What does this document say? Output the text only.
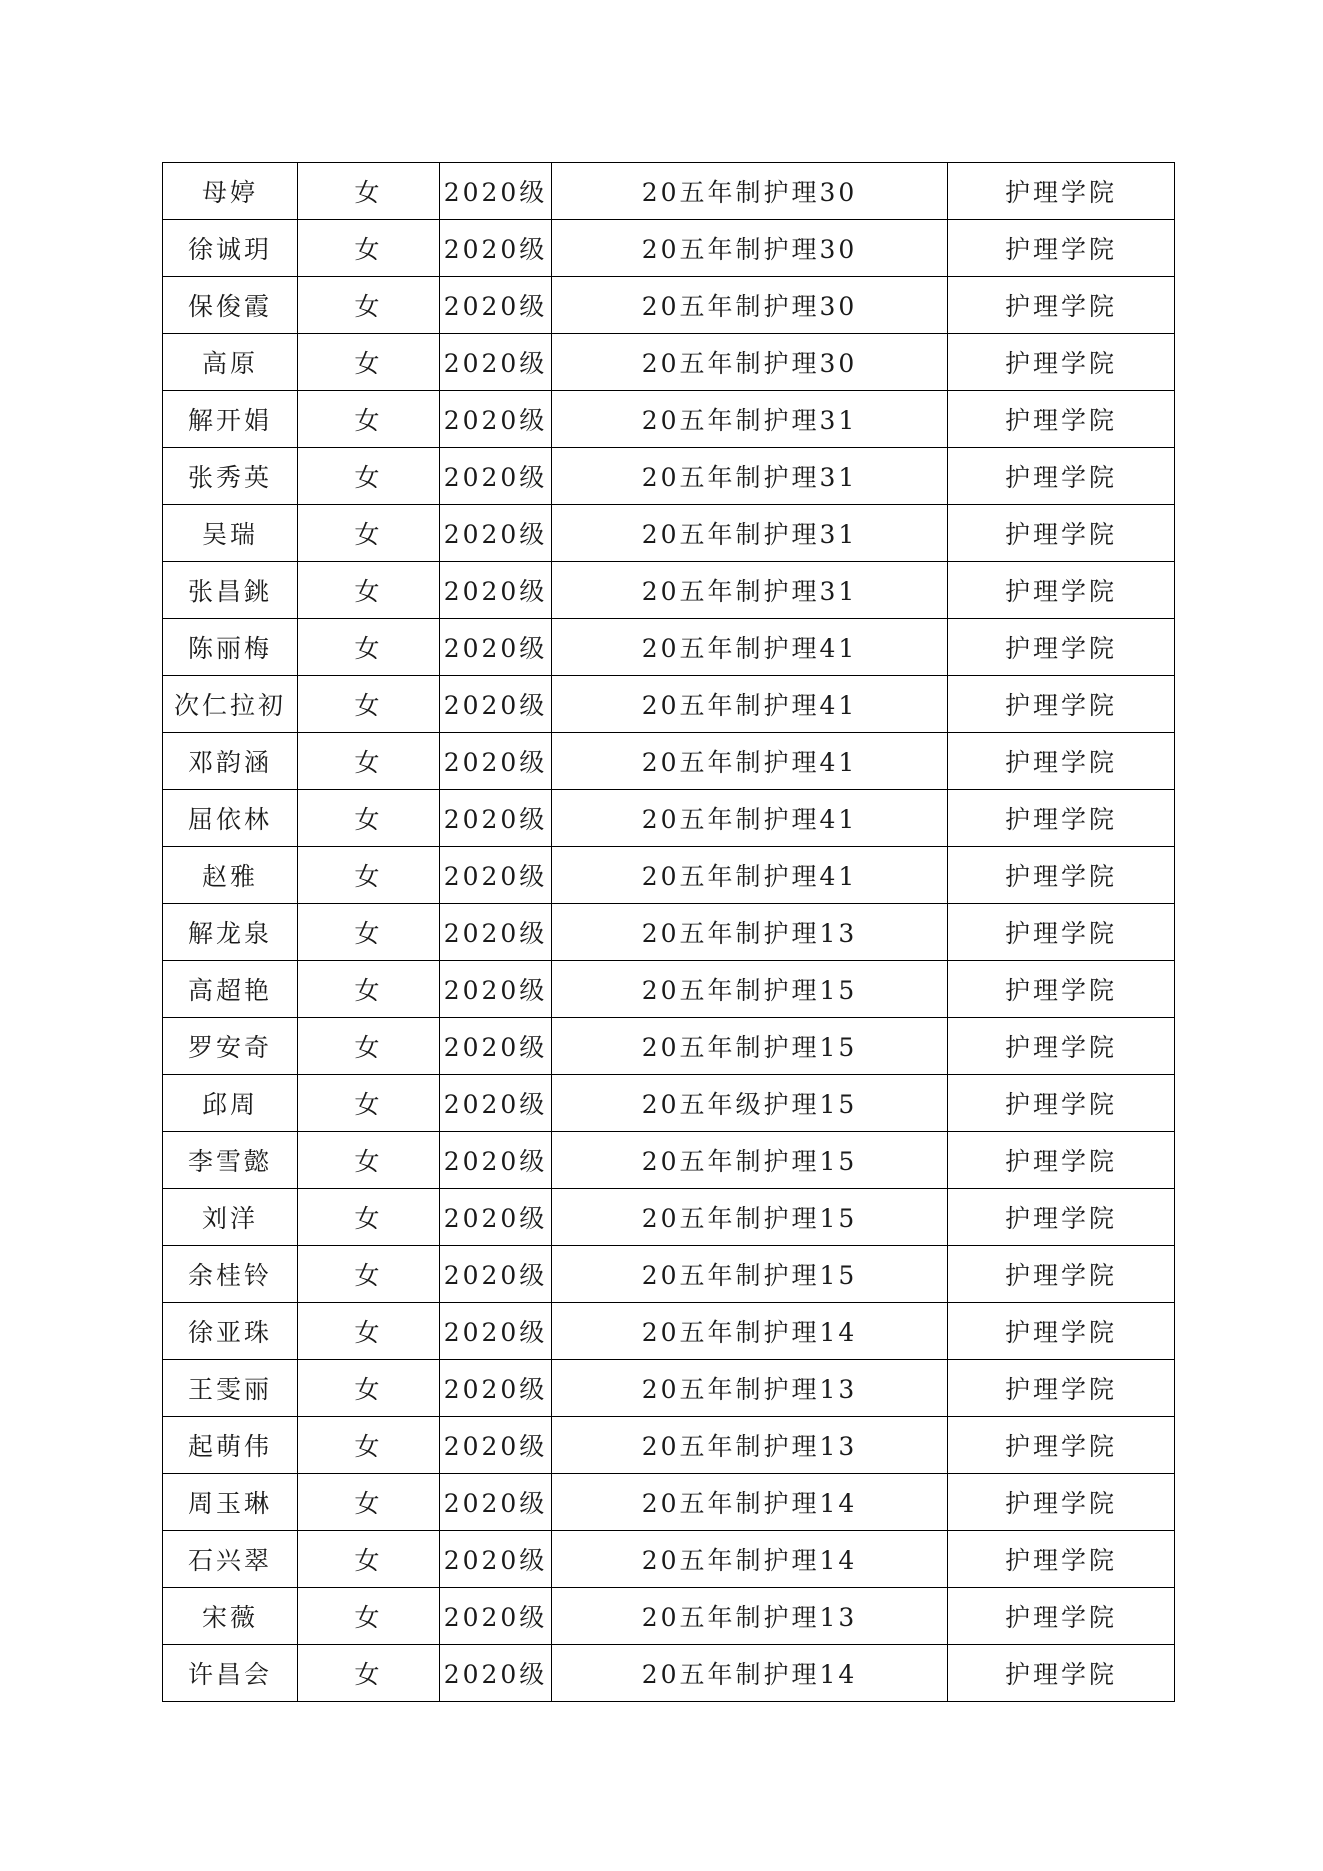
母婷	女	2020级	20五年制护理30	护理学院
徐诚玥	女	2020级	20五年制护理30	护理学院
保俊霞	女	2020级	20五年制护理30	护理学院
高原	女	2020级	20五年制护理30	护理学院
解开娟	女	2020级	20五年制护理31	护理学院
张秀英	女	2020级	20五年制护理31	护理学院
吴瑞	女	2020级	20五年制护理31	护理学院
张昌銚	女	2020级	20五年制护理31	护理学院
陈丽梅	女	2020级	20五年制护理41	护理学院
次仁拉初	女	2020级	20五年制护理41	护理学院
邓韵涵	女	2020级	20五年制护理41	护理学院
屈依林	女	2020级	20五年制护理41	护理学院
赵雅	女	2020级	20五年制护理41	护理学院
解龙泉	女	2020级	20五年制护理13	护理学院
高超艳	女	2020级	20五年制护理15	护理学院
罗安奇	女	2020级	20五年制护理15	护理学院
邱周	女	2020级	20五年级护理15	护理学院
李雪懿	女	2020级	20五年制护理15	护理学院
刘洋	女	2020级	20五年制护理15	护理学院
余桂铃	女	2020级	20五年制护理15	护理学院
徐亚珠	女	2020级	20五年制护理14	护理学院
王雯丽	女	2020级	20五年制护理13	护理学院
起萌伟	女	2020级	20五年制护理13	护理学院
周玉琳	女	2020级	20五年制护理14	护理学院
石兴翠	女	2020级	20五年制护理14	护理学院
宋薇	女	2020级	20五年制护理13	护理学院
许昌会	女	2020级	20五年制护理14	护理学院
